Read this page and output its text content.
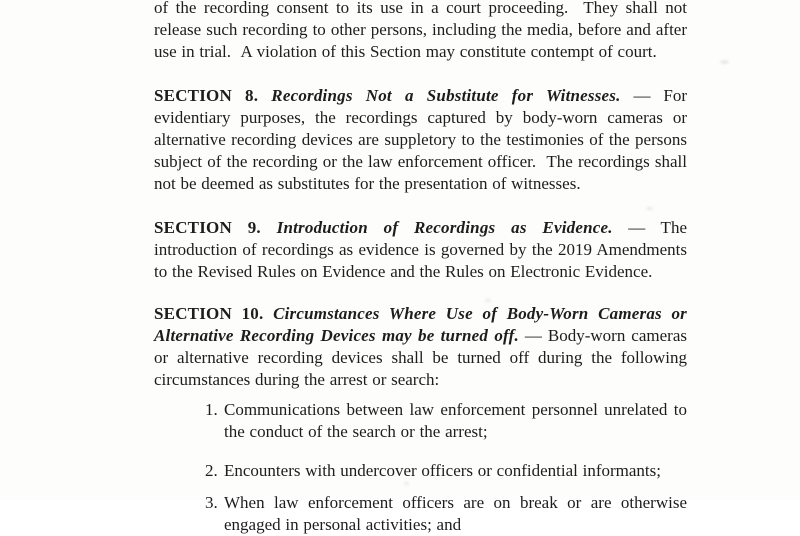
of the recording consent to its use in a court proceeding.  They shall not release such recording to other persons, including the media, before and after use in trial.  A violation of this Section may constitute contempt of court.

SECTION 8. Recordings Not a Substitute for Witnesses. — For evidentiary purposes, the recordings captured by body-worn cameras or alternative recording devices are suppletory to the testimonies of the persons subject of the recording or the law enforcement officer.  The recordings shall not be deemed as substitutes for the presentation of witnesses.

SECTION 9. Introduction of Recordings as Evidence. — The introduction of recordings as evidence is governed by the 2019 Amendments to the Revised Rules on Evidence and the Rules on Electronic Evidence.

SECTION 10. Circumstances Where Use of Body-Worn Cameras or Alternative Recording Devices may be turned off. — Body-worn cameras or alternative recording devices shall be turned off during the following circumstances during the arrest or search:

1. Communications between law enforcement personnel unrelated to the conduct of the search or the arrest;

2. Encounters with undercover officers or confidential informants;

3. When law enforcement officers are on break or are otherwise engaged in personal activities; and
